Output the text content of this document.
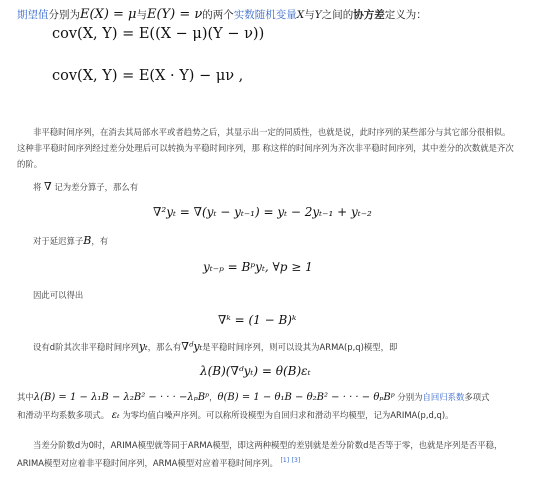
期望值分别为E(X) = μ与E(Y) = ν的两个实数随机变量X与Y之间的协方差定义为：
cov(X, Y) = E((X − μ)(Y − ν))
cov(X, Y) = E(X · Y) − μν ,
非平稳时间序列，在消去其局部水平或者趋势之后，其显示出一定的同质性，也就是说，此时序列的某些部分与其它部分很相似。这种非平稳时间序列经过差分处理后可以转换为平稳时间序列，那 称这样的时间序列为齐次非平稳时间序列，其中差分的次数就是齐次的阶。
将 ∇ 记为差分算子，那么有
∇²yₜ = ∇(yₜ − yₜ₋₁) = yₜ − 2yₜ₋₁ + yₜ₋₂
对于延迟算子B，有
yₜ₋ₚ = Bᵖyₜ, ∀p ≥ 1
因此可以得出
∇ᵏ = (1 − B)ᵏ
设有d阶其次非平稳时间序列yₜ，那么有∇ᵈyₜ是平稳时间序列，则可以设其为ARMA(p,q)模型，即
λ(B)(∇ᵈyₜ) = θ(B)εₜ
其中λ(B) = 1 − λ₁B − λ₂B² − · · · −λₚBᵖ，θ(B) = 1 − θ₁B − θ₂B² − · · · − θₚBᵖ 分别为自回归系数多项式
和滑动平均系数多项式。 εₜ 为零均值白噪声序列。可以称所设模型为自回归求和滑动平均模型，记为ARIMA(p,d,q)。
当差分阶数d为0时，ARIMA模型就等同于ARMA模型，即这两种模型的差别就是差分阶数d是否等于零，也就是序列是否平稳，ARIMA模型对应着非平稳时间序列，ARMA模型对应着平稳时间序列。 [1] [3]
